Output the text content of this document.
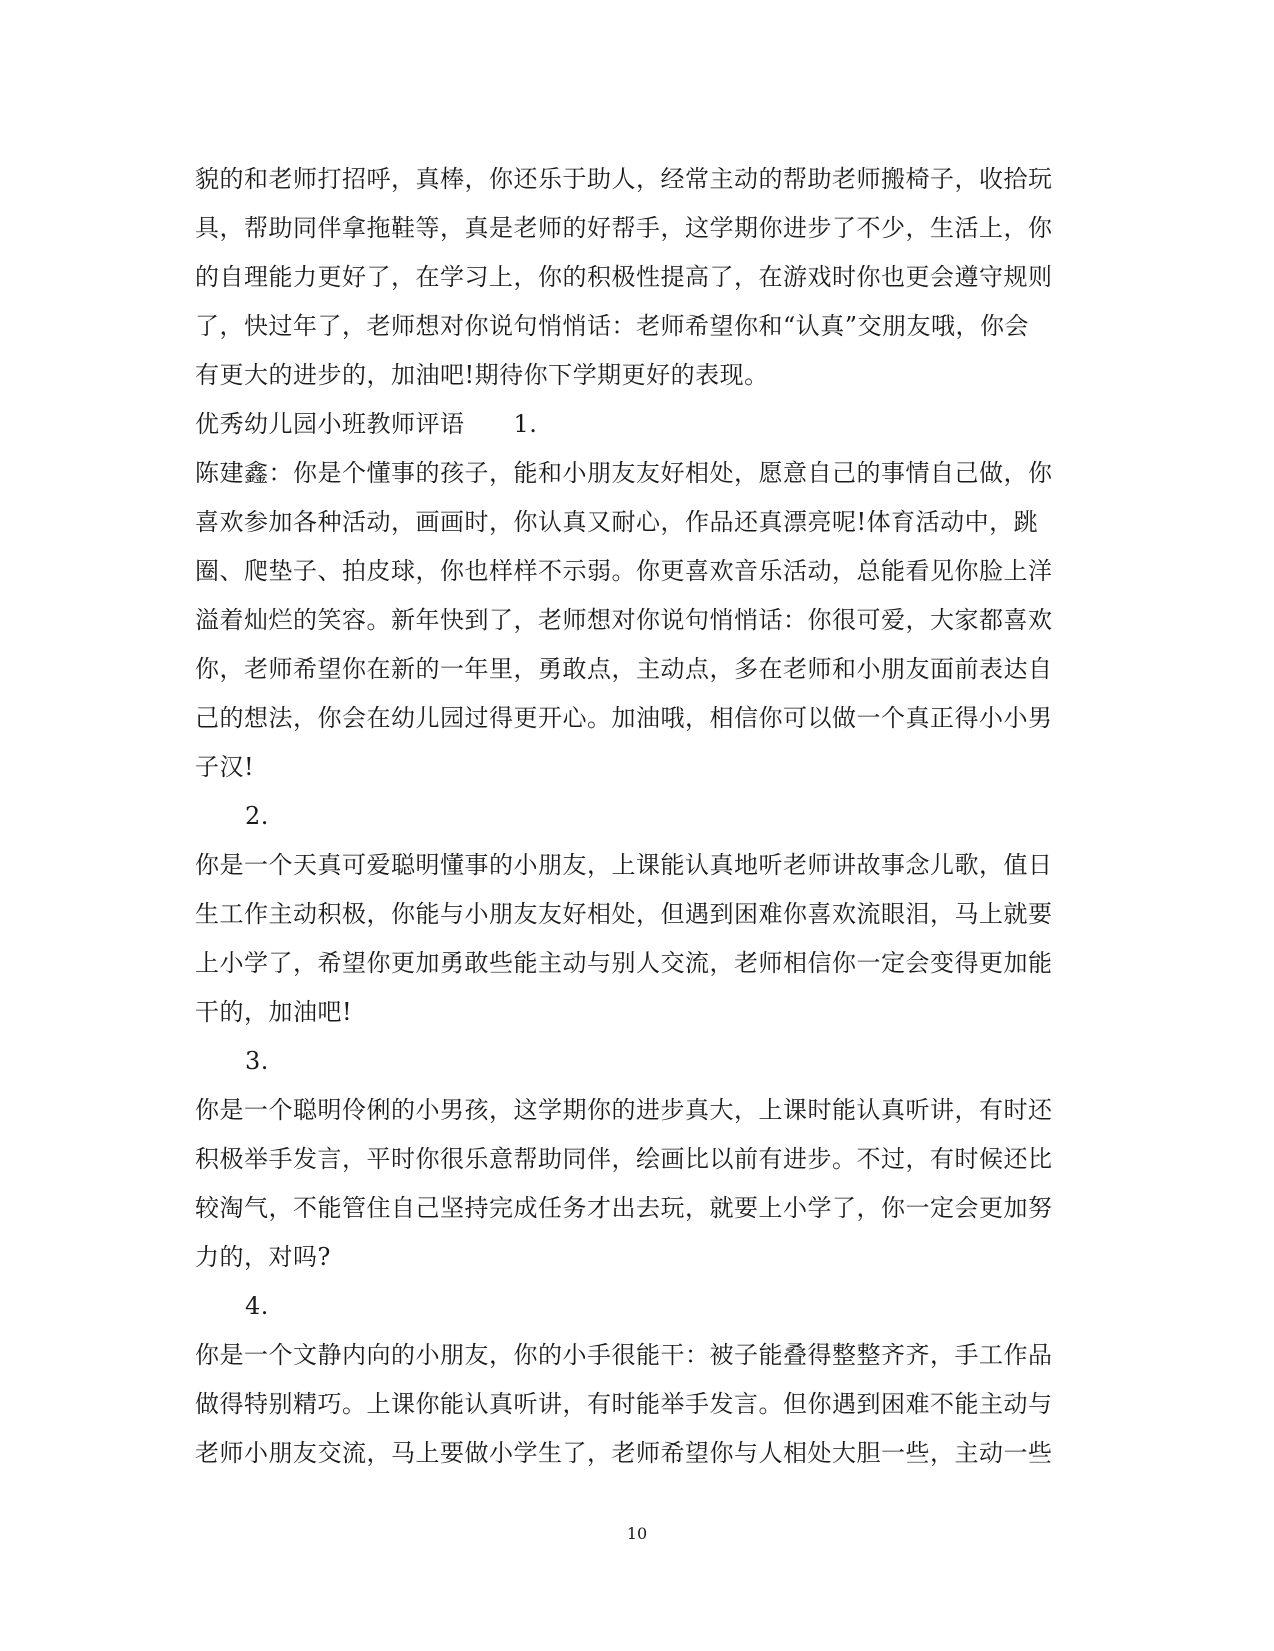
貌的和老师打招呼，真棒，你还乐于助人，经常主动的帮助老师搬椅子，收拾玩
具，帮助同伴拿拖鞋等，真是老师的好帮手，这学期你进步了不少，生活上，你
的自理能力更好了，在学习上，你的积极性提高了，在游戏时你也更会遵守规则
了，快过年了，老师想对你说句悄悄话：老师希望你和“认真”交朋友哦，你会
有更大的进步的，加油吧!期待你下学期更好的表现。
优秀幼儿园小班教师评语　　1.
陈建鑫：你是个懂事的孩子，能和小朋友友好相处，愿意自己的事情自己做，你
喜欢参加各种活动，画画时，你认真又耐心，作品还真漂亮呢!体育活动中，跳
圈、爬垫子、拍皮球，你也样样不示弱。你更喜欢音乐活动，总能看见你脸上洋
溢着灿烂的笑容。新年快到了，老师想对你说句悄悄话：你很可爱，大家都喜欢
你，老师希望你在新的一年里，勇敢点，主动点，多在老师和小朋友面前表达自
己的想法，你会在幼儿园过得更开心。加油哦，相信你可以做一个真正得小小男
子汉!
2.
你是一个天真可爱聪明懂事的小朋友，上课能认真地听老师讲故事念儿歌，值日
生工作主动积极，你能与小朋友友好相处，但遇到困难你喜欢流眼泪，马上就要
上小学了，希望你更加勇敢些能主动与别人交流，老师相信你一定会变得更加能
干的，加油吧!
3.
你是一个聪明伶俐的小男孩，这学期你的进步真大，上课时能认真听讲，有时还
积极举手发言，平时你很乐意帮助同伴，绘画比以前有进步。不过，有时候还比
较淘气，不能管住自己坚持完成任务才出去玩，就要上小学了，你一定会更加努
力的，对吗?
4.
你是一个文静内向的小朋友，你的小手很能干：被子能叠得整整齐齐，手工作品
做得特别精巧。上课你能认真听讲，有时能举手发言。但你遇到困难不能主动与
老师小朋友交流，马上要做小学生了，老师希望你与人相处大胆一些，主动一些
10
